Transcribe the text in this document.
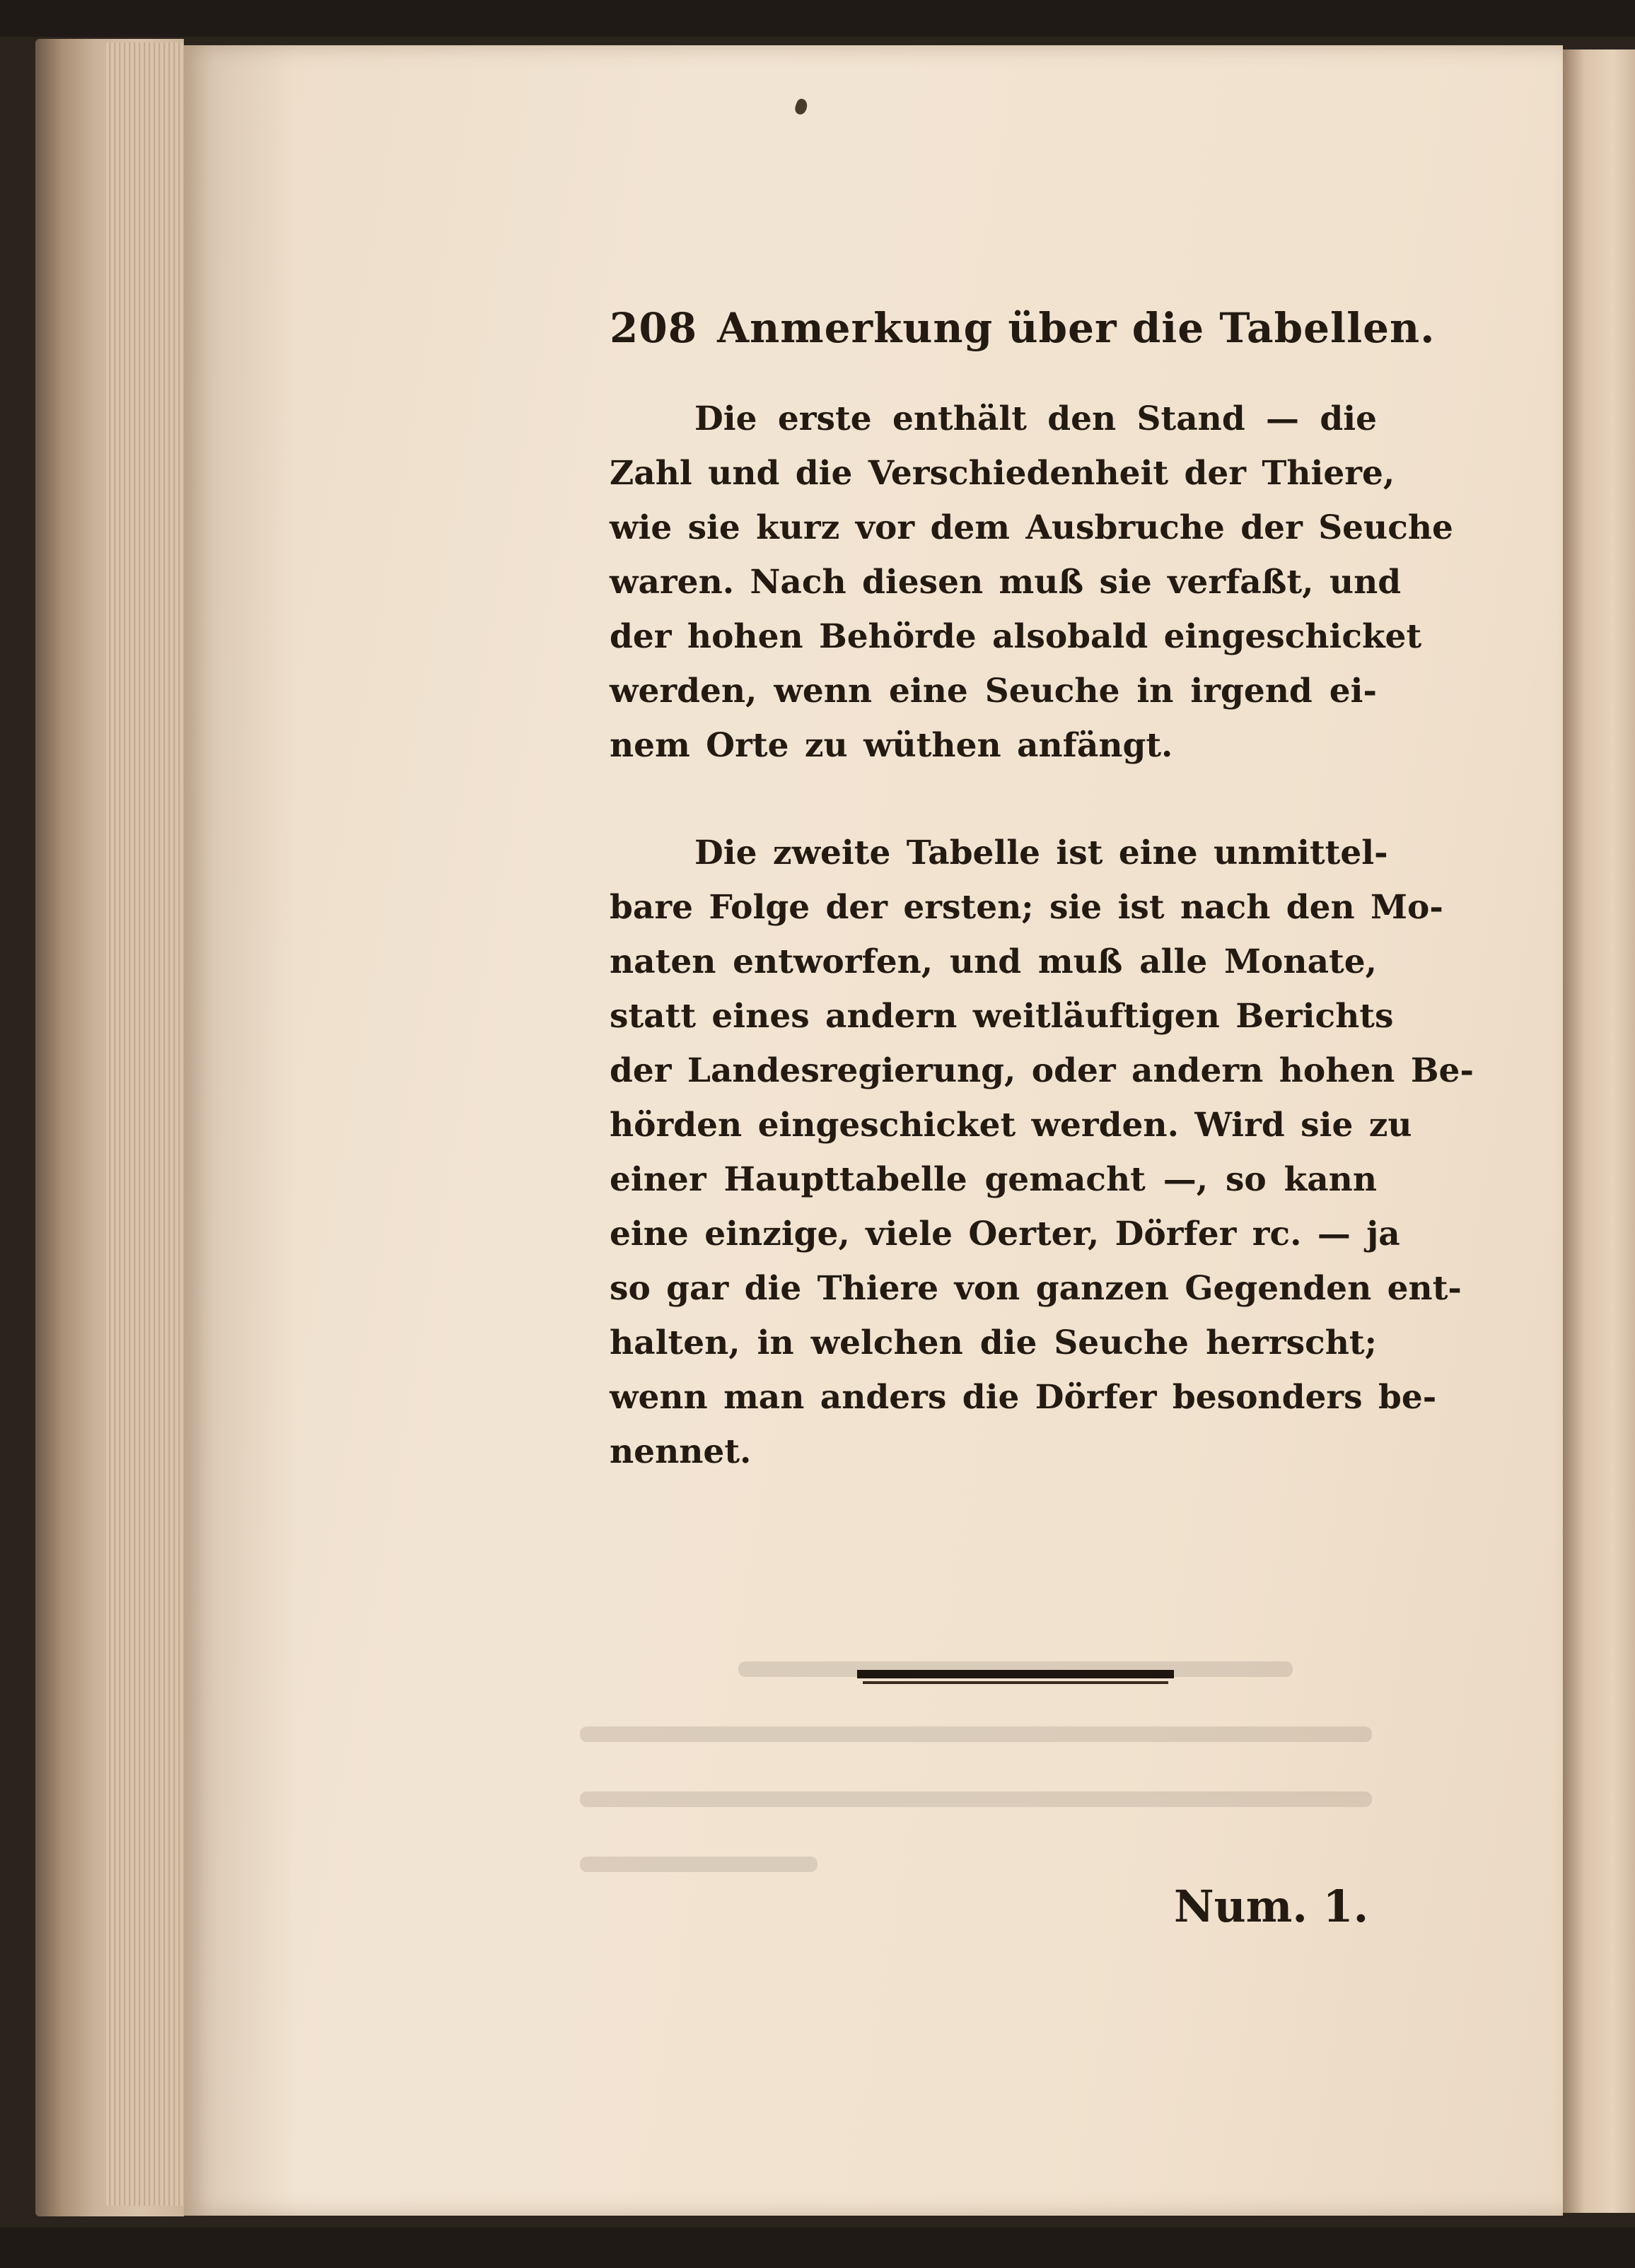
208 Anmerkung über die Tabellen.
Die erste enthält den Stand — die
Zahl und die Verschiedenheit der Thiere,
wie sie kurz vor dem Ausbruche der Seuche
waren. Nach diesen muß sie verfaßt, und
der hohen Behörde alsobald eingeschicket
werden, wenn eine Seuche in irgend ei-
nem Orte zu wüthen anfängt.
Die zweite Tabelle ist eine unmittel-
bare Folge der ersten; sie ist nach den Mo-
naten entworfen, und muß alle Monate,
statt eines andern weitläuftigen Berichts
der Landesregierung, oder andern hohen Be-
hörden eingeschicket werden. Wird sie zu
einer Haupttabelle gemacht —, so kann
eine einzige, viele Oerter, Dörfer rc. — ja
so gar die Thiere von ganzen Gegenden ent-
halten, in welchen die Seuche herrscht;
wenn man anders die Dörfer besonders be-
nennet.
Num. 1.
